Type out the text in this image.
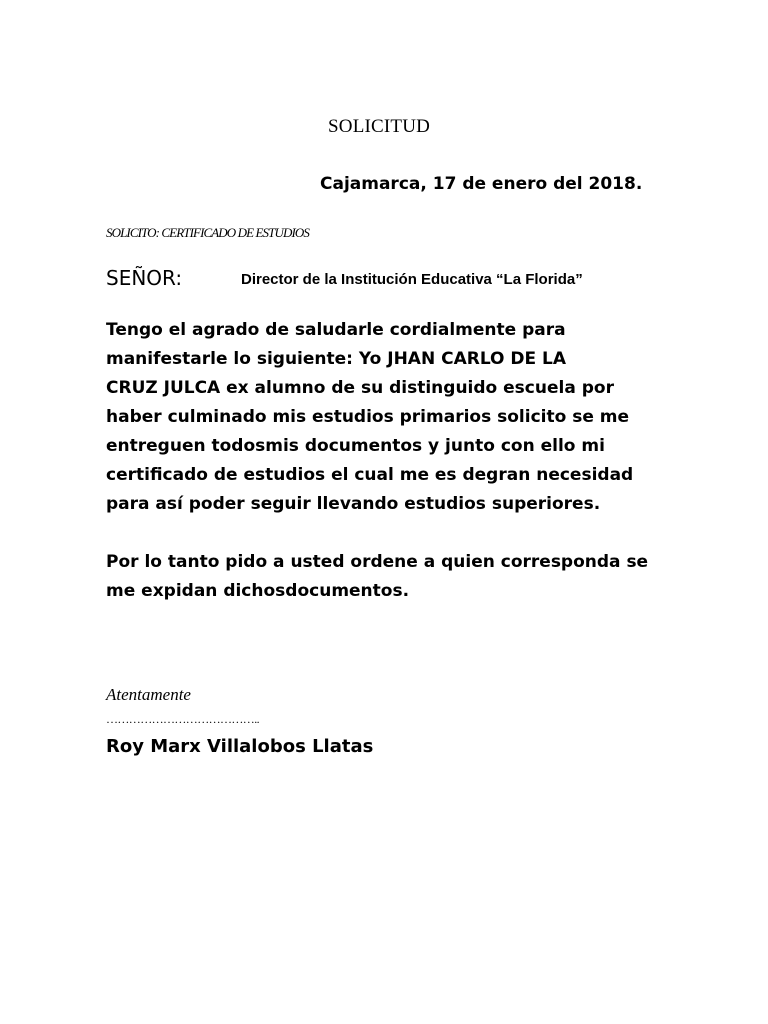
SOLICITUD
Cajamarca, 17 de enero del 2018.
SOLICITO: CERTIFICADO DE ESTUDIOS
SEÑOR:	Director de la Institución Educativa “La Florida”
Tengo el agrado de saludarle cordialmente para
manifestarle lo siguiente: Yo JHAN CARLO DE LA
CRUZ JULCA ex alumno de su distinguido escuela por
haber culminado mis estudios primarios solicito se me
entreguen todosmis documentos y junto con ello mi
certificado de estudios el cual me es degran necesidad
para así poder seguir llevando estudios superiores.
Por lo tanto pido a usted ordene a quien corresponda se
me expidan dichosdocumentos.
Atentamente
…………………………………..
Roy Marx Villalobos Llatas
